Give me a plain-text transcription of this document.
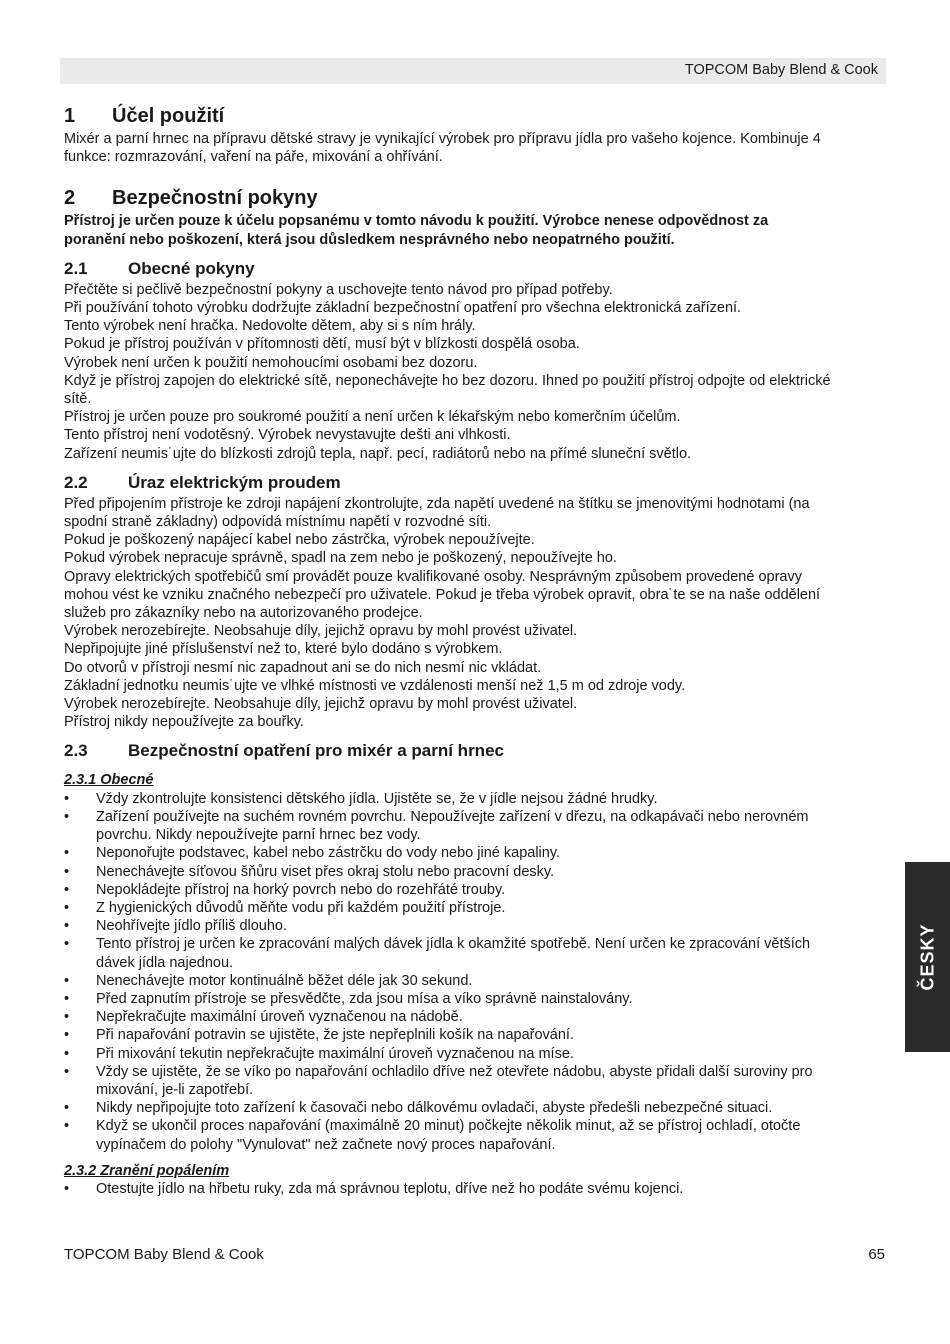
TOPCOM Baby Blend & Cook
1 Účel použití

Mixér a parní hrnec na přípravu dětské stravy je vynikající výrobek pro přípravu jídla pro vašeho kojence. Kombinuje 4

funkce: rozmrazování, vaření na páře, mixování a ohřívání.

2 Bezpečnostní pokyny

Přístroj je určen pouze k účelu popsanému v tomto návodu k použití. Výrobce nenese odpovědnost za

poranění nebo poškození, která jsou důsledkem nesprávného nebo neopatrného použití.

2.1 Obecné pokyny

Přečtěte si pečlivě bezpečnostní pokyny a uschovejte tento návod pro případ potřeby.

Při používání tohoto výrobku dodržujte základní bezpečnostní opatření pro všechna elektronická zařízení.

Tento výrobek není hračka. Nedovolte dětem, aby si s ním hrály.

Pokud je přístroj používán v přítomnosti dětí, musí být v blízkosti dospělá osoba.

Výrobek není určen k použití nemohoucími osobami bez dozoru.

Když je přístroj zapojen do elektrické sítě, neponechávejte ho bez dozoru. Ihned po použití přístroj odpojte od elektrické

sítě.

Přístroj je určen pouze pro soukromé použití a není určen k lékařským nebo komerčním účelům.

Tento přístroj není vodotěsný. Výrobek nevystavujte dešti ani vlhkosti.

Zařízení neumis˙ujte do blízkosti zdrojů tepla, např. pecí, radiátorů nebo na přímé sluneční světlo.

2.2 Úraz elektrickým proudem

Před připojením přístroje ke zdroji napájení zkontrolujte, zda napětí uvedené na štítku se jmenovitými hodnotami (na

spodní straně základny) odpovídá místnímu napětí v rozvodné síti.

Pokud je poškozený napájecí kabel nebo zástrčka, výrobek nepoužívejte.

Pokud výrobek nepracuje správně, spadl na zem nebo je poškozený, nepoužívejte ho.

Opravy elektrických spotřebičů smí provádět pouze kvalifikované osoby. Nesprávným způsobem provedené opravy

mohou vést ke vzniku značného nebezpečí pro uživatele. Pokud je třeba výrobek opravit, obra˙te se na naše oddělení

služeb pro zákazníky nebo na autorizovaného prodejce.

Výrobek nerozebírejte. Neobsahuje díly, jejichž opravu by mohl provést uživatel.

Nepřipojujte jiné příslušenství než to, které bylo dodáno s výrobkem.

Do otvorů v přístroji nesmí nic zapadnout ani se do nich nesmí nic vkládat.

Základní jednotku neumis˙ujte ve vlhké místnosti ve vzdálenosti menší než 1,5 m od zdroje vody.

Výrobek nerozebírejte. Neobsahuje díly, jejichž opravu by mohl provést uživatel.

Přístroj nikdy nepoužívejte za bouřky.

2.3 Bezpečnostní opatření pro mixér a parní hrnec

2.3.1 Obecné

• Vždy zkontrolujte konsistenci dětského jídla. Ujistěte se, že v jídle nejsou žádné hrudky.
• Zařízení používejte na suchém rovném povrchu. Nepoužívejte zařízení v dřezu, na odkapávači nebo nerovném
povrchu. Nikdy nepoužívejte parní hrnec bez vody.
• Neponořujte podstavec, kabel nebo zástrčku do vody nebo jiné kapaliny.
• Nenechávejte síťovou šňůru viset přes okraj stolu nebo pracovní desky.
• Nepokládejte přístroj na horký povrch nebo do rozehřáté trouby.
• Z hygienických důvodů měňte vodu při každém použití přístroje.
• Neohřívejte jídlo příliš dlouho.
• Tento přístroj je určen ke zpracování malých dávek jídla k okamžité spotřebě. Není určen ke zpracování větších
dávek jídla najednou.
• Nenechávejte motor kontinuálně běžet déle jak 30 sekund.
• Před zapnutím přístroje se přesvědčte, zda jsou mísa a víko správně nainstalovány.
• Nepřekračujte maximální úroveň vyznačenou na nádobě.
• Při napařování potravin se ujistěte, že jste nepřeplnili košík na napařování.
• Při mixování tekutin nepřekračujte maximální úroveň vyznačenou na míse.
• Vždy se ujistěte, že se víko po napařování ochladilo dříve než otevřete nádobu, abyste přidali další suroviny pro
mixování, je-li zapotřebí.
• Nikdy nepřipojujte toto zařízení k časovači nebo dálkovému ovladači, abyste předešli nebezpečné situaci.
• Když se ukončil proces napařování (maximálně 20 minut) počkejte několik minut, až se přístroj ochladí, otočte
vypínačem do polohy "Vynulovat" než začnete nový proces napařování.

2.3.2 Zranění popálením

• Otestujte jídlo na hřbetu ruky, zda má správnou teplotu, dříve než ho podáte svému kojenci.
TOPCOM Baby Blend & Cook	65
ČESKY
